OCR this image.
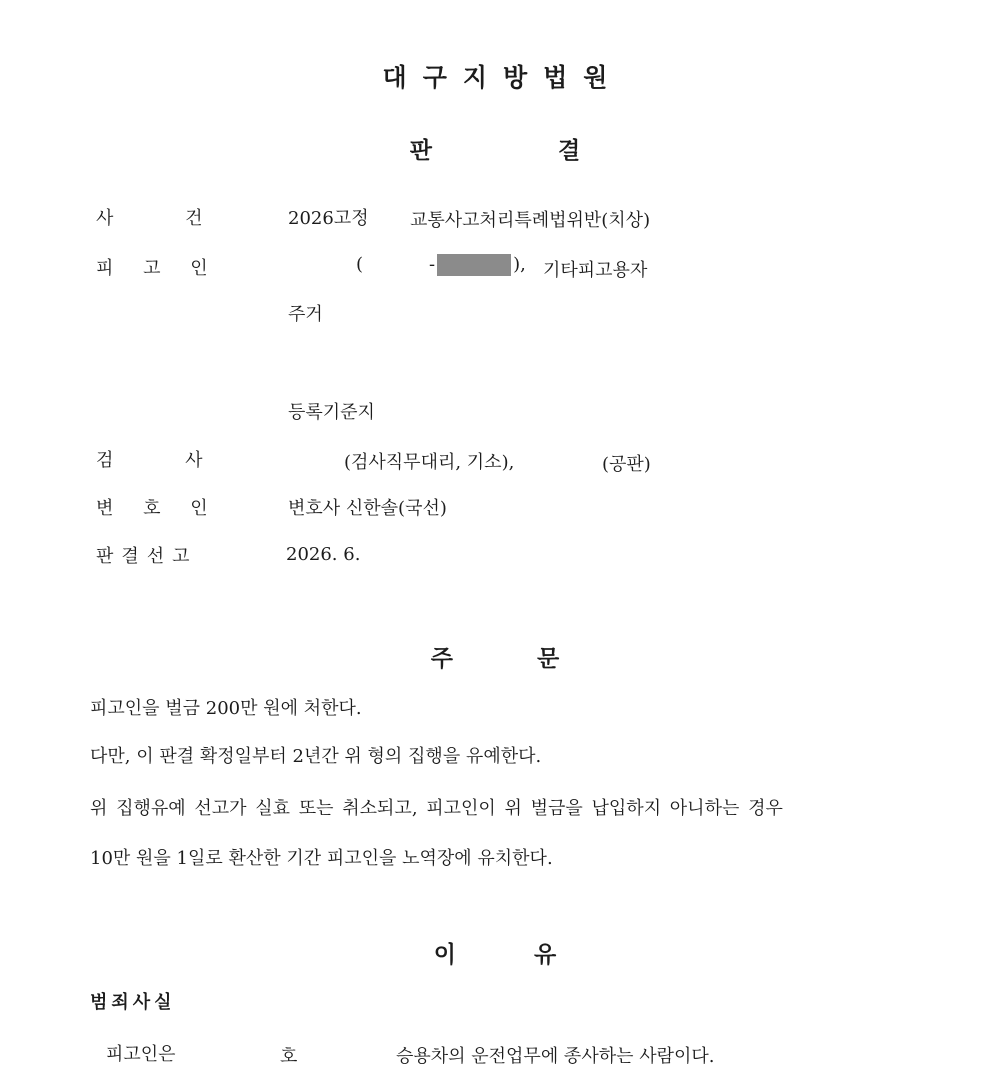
대구지방법원
판	결
사 건	2026고정 교통사고처리특례법위반(치상)
피 고 인	(	-	), 기타피고용자
주거
등록기준지
검 사	(검사직무대리, 기소),	(공판)
변 호 인	변호사 신한솔(국선)
판결선고	2026. 6.
주	문
피고인을 벌금 200만 원에 처한다.
다만, 이 판결 확정일부터 2년간 위 형의 집행을 유예한다.
위 집행유예 선고가 실효 또는 취소되고, 피고인이 위 벌금을 납입하지 아니하는 경우
10만 원을 1일로 환산한 기간 피고인을 노역장에 유치한다.
이	유
범죄사실
피고인은	호	승용차의 운전업무에 종사하는 사람이다.
